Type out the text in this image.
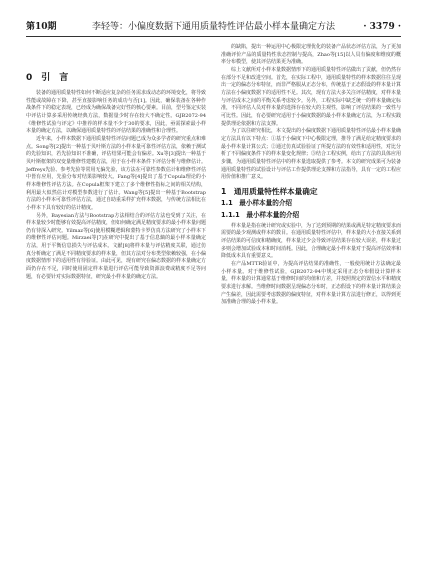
第10期	李轻等：小偏度数据下通用质量特性评估最小样本量确定方法	· 3379 ·
0　引　言

装备的通用质量特性如何不断适应复杂的任务需求成动态的环境变化，将导致性能或故障在下降，甚至直接影响任务的成功与否[1]。因此，确保装备在各种作战条件下的稳定表现，已经成为确保战备完好性的核心要素。目前，型号鉴定实装中评估计算多采用传统经典方法，数据量少时存在较大不确定性。GJB2072-94《维修性试验与评定》中推荐的样本量不少于30的要求，因此，亟需探索最小样本量的确定方法，以确保通用质量特性的评估结果的准确性和合理性。

近年来，小样本数据下通用质量特性评估问题已成为众多学者的研究重点和难点。Song等[2]提出一种基于贝叶斯方法的小样本量可靠性评估方法，依赖于测试的先验知识，若先验知识不准确，评估结果可能会有偏差。Xu等[3]提出一种基于贝叶斯框架的双变量维修性建模方法，用于在小样本条件下评估分析与维修估计。Jeffreys先验、参考先验等常用无偏先验，该方法在可靠性参数估计和维修性评估中皆有应用，先验分布对结果影响较大。Fang等[4]提出了基于Copula理论的小样本维修性评估方法。在Copula框架下建立了多个维修性指标之间的相关结构，利用最大似然估计对模型参数进行了估计。Wang等[5]提出一种基于Bootstrap方法的小样本可靠性评估方法，通过自助重采样扩充样本数据，与传统方法相比在小样本下具有较好的估计精度。

另外，Bayesian方法与Bootstrap方法相结合的评估方法也受到了关注，在样本量较少时能够有效提高评估精度，但如何确定满足精度要求的最小样本量问题仍有待深入研究。Yilmaz等[6]使用模糊逻辑和蒙特卡罗仿真方法研究了小样本下的维修性评估问题。Mirzaei等[7]在研究中提出了基于信息熵的最小样本量确定方法，用于平衡信息损失与评估成本。文献[8]将样本量与评估精度关联，通过仿真分析确定了满足不同精度要求的样本量，但其方法对分布类型依赖较强，在小偏度数据情形下的适用性有待验证。由此可见，现有研究在偏态数据的样本量确定方面仍存在不足，同时使用固定样本量进行评估可能导致资源浪费或精度不足等问题，有必要针对实际数据特征，研究最小样本量的确定方法。

的缺陷，提出一种运用中心极限定理优化的装备产品状态评估方法，为了更加准确评价产品的质量特性状态控制与提高，Zhao等[15]以人员有偏度和维度的概率分布模型，使其评估结果更为准确。

综上文献所对小样本量数据情形下的通用质量特性评估做出了贡献，但仍然存在部分不足和改进空间。首先，在实际工程中，通用质量特性的样本数据往往呈现出一定的偏态分布特征，而非严格服从正态分布，传统基于正态假设的样本量计算方法在小偏度数据下的适用性不足。其次，现有方法大多关注评估精度，对样本量与评估成本之间的平衡关系考虑较少。另外，工程实际中缺乏统一的样本量确定标准，不同评估人员对样本量的选择存在较大的主观性，影响了评估结果的一致性与可比性。因此，有必要研究适用于小偏度数据的最小样本量确定方法，为工程实践提供理论依据和方法支撑。

为了以往研究相比，本文提出的小偏度数据下通用质量特性评估最小样本量确定方法具有以下特点：①基于小偏度下中心极限定理，推导了满足给定精度要求的最小样本量计算公式；②通过仿真试验验证了所提方法的有效性和适用性，对比分析了不同偏度条件下的样本量变化规律；③结合工程实例，给出了方法的具体应用步骤，为通用质量特性评估中的样本量选取提供了参考。本文的研究成果可为装备通用质量特性的试验设计与评估工作提供理论支撑和方法指导，具有一定的工程应用价值和推广意义。

1　通用质量特性样本量确定
1.1　最小样本量的介绍
1.1.1　最小样本量的介绍

样本量是指在统计研究或实验中，为了达到预期的结果或满足特定精度要求而需要的最少观测或样本的数目。在通用质量特性评估中，样本量的大小直接关系到评估结果的可信度和精确度，样本量过少会导致评估结果存在较大误差，样本量过多则会增加试验成本和时间消耗。因此，合理确定最小样本量对于提高评估效率和降低成本具有重要意义。

在产品MTTR验证中，为提高评估结果的准确性，一般使用统计方法确定最小样本量。对于维修性试验，GJB2072-94中规定采用正态分布假设计算样本量，样本量的计算通常基于维修时间的均值和方差，并按照规定的置信水平和精度要求进行求解。当维修时间数据呈现偏态分布时，正态假设下的样本量计算结果会产生偏差，因此需要考虑数据的偏度特征，对样本量计算方法进行修正，以得到更加准确合理的最小样本量。
